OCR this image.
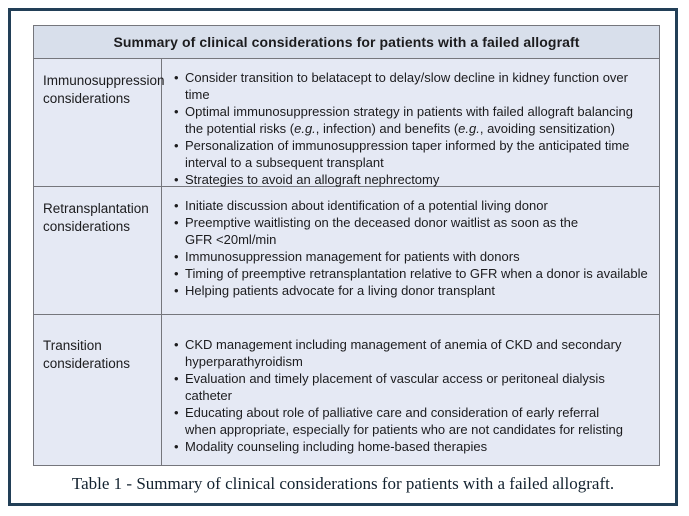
Summary of clinical considerations for patients with a failed allograft
Immunosuppression considerations
• Consider transition to belatacept to delay/slow decline in kidney function over time
• Optimal immunosuppression strategy in patients with failed allograft balancing
the potential risks (e.g., infection) and benefits (e.g., avoiding sensitization)
• Personalization of immunosuppression taper informed by the anticipated time
interval to a subsequent transplant
• Strategies to avoid an allograft nephrectomy
Retransplantation considerations
• Initiate discussion about identification of a potential living donor
• Preemptive waitlisting on the deceased donor waitlist as soon as the
GFR <20ml/min
• Immunosuppression management for patients with donors
• Timing of preemptive retransplantation relative to GFR when a donor is available
• Helping patients advocate for a living donor transplant
Transition considerations
• CKD management including management of anemia of CKD and secondary
hyperparathyroidism
• Evaluation and timely placement of vascular access or peritoneal dialysis
catheter
• Educating about role of palliative care and consideration of early referral
when appropriate, especially for patients who are not candidates for relisting
• Modality counseling including home-based therapies
Table 1 - Summary of clinical considerations for patients with a failed allograft.
